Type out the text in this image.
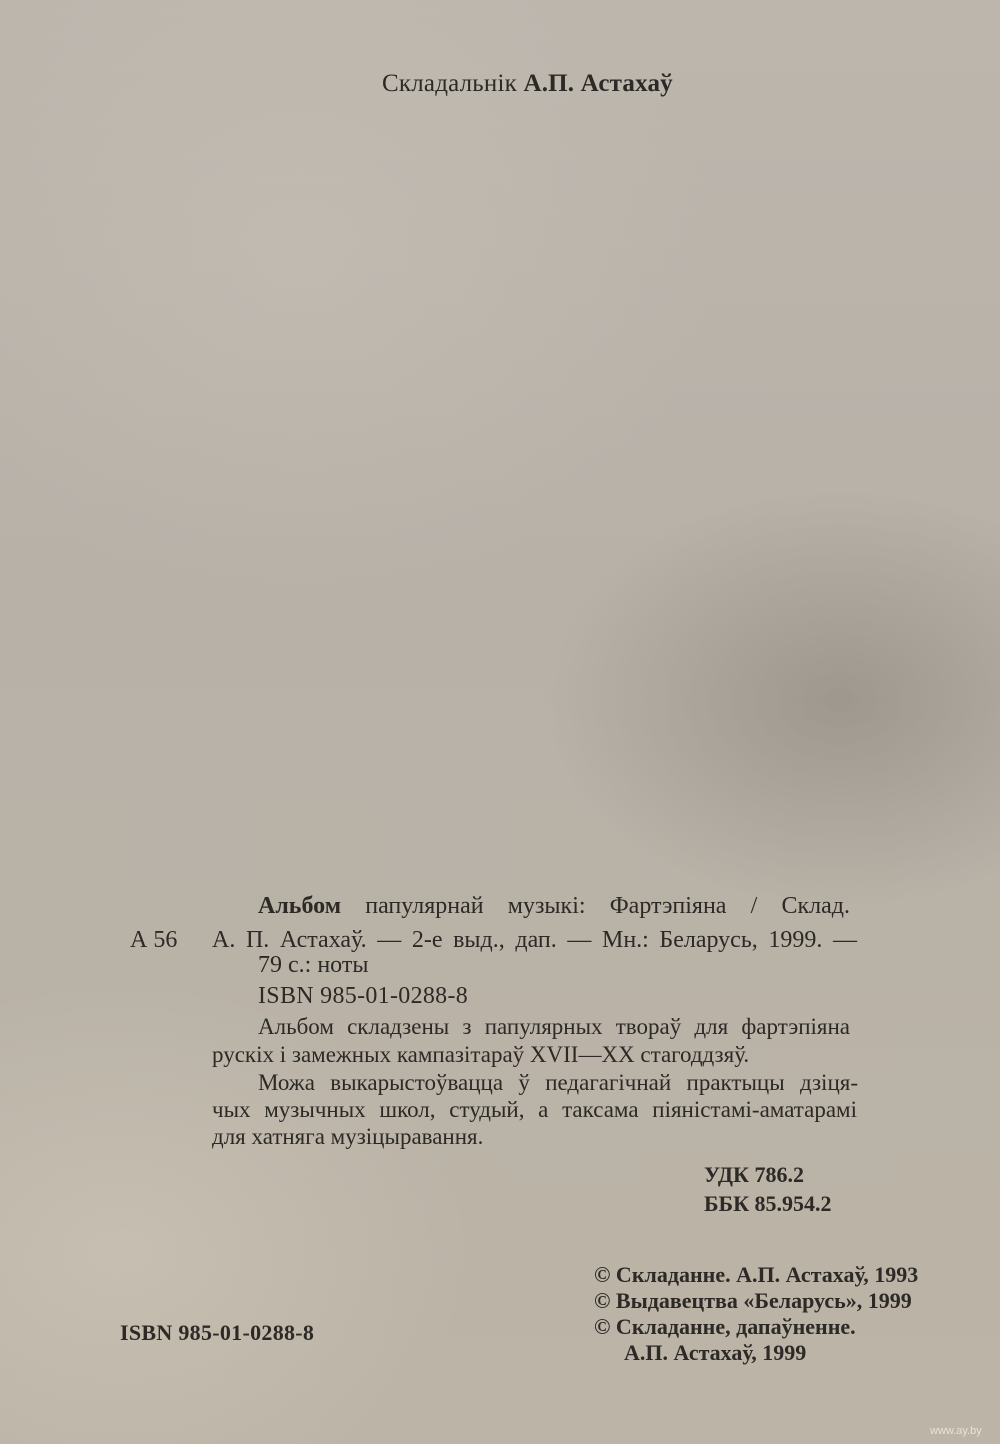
Складальнік А.П. Астахаў
А 56
Альбом папулярнай музыкі: Фартэпіяна / Склад.
А. П. Астахаў. — 2-е выд., дап. — Мн.: Беларусь, 1999. —
79 с.: ноты
ISBN 985-01-0288-8
Альбом складзены з папулярных твораў для фартэпіяна
рускіх і замежных кампазітараў XVII—XX стагоддзяў.
Можа выкарыстоўвацца ў педагагічнай практыцы дзіця-
чых музычных школ, студый, а таксама піяністамі-аматарамі
для хатняга музіцыравання.
УДК 786.2
ББК 85.954.2
© Складанне. А.П. Астахаў, 1993
© Выдавецтва «Беларусь», 1999
© Складанне, дапаўненне.
А.П. Астахаў, 1999
ISBN 985-01-0288-8
www.ay.by
